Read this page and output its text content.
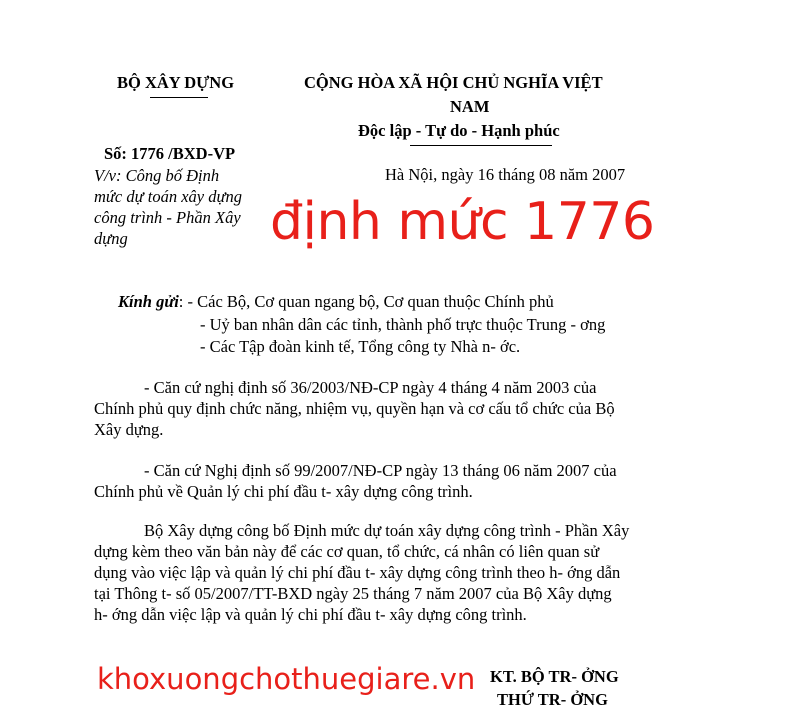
BỘ XÂY DỰNG	CỘNG HÒA XÃ HỘI CHỦ NGHĨA VIỆT
NAM
Độc lập - Tự do - Hạnh phúc
Số: 1776 /BXD-VP
V/v: Công bố Định
mức dự toán xây dựng
công trình - Phần Xây
dựng
Hà Nội, ngày 16 tháng 08 năm 2007
định mức 1776
Kính gửi: - Các Bộ, Cơ quan ngang bộ, Cơ quan thuộc Chính phủ
- Uỷ ban nhân dân các tỉnh, thành phố trực thuộc Trung - ơng
- Các Tập đoàn kinh tế, Tổng công ty Nhà n- ớc.
- Căn cứ nghị định số 36/2003/NĐ-CP ngày 4 tháng 4 năm 2003 của
Chính phủ quy định chức năng, nhiệm vụ, quyền hạn và cơ cấu tổ chức của Bộ
Xây dựng.
- Căn cứ Nghị định số 99/2007/NĐ-CP ngày 13 tháng 06 năm 2007 của
Chính phủ về Quản lý chi phí đầu t- xây dựng công trình.
Bộ Xây dựng công bố Định mức dự toán xây dựng công trình - Phần Xây
dựng kèm theo văn bản này để các cơ quan, tổ chức, cá nhân có liên quan sử
dụng vào việc lập và quản lý chi phí đầu t- xây dựng công trình theo h- ớng dẫn
tại Thông t- số 05/2007/TT-BXD ngày 25 tháng 7 năm 2007 của Bộ Xây dựng
h- ớng dẫn việc lập và quản lý chi phí đầu t- xây dựng công trình.
khoxuongchothuegiare.vn KT. BỘ TR- ỞNG
THỨ TR- ỞNG
